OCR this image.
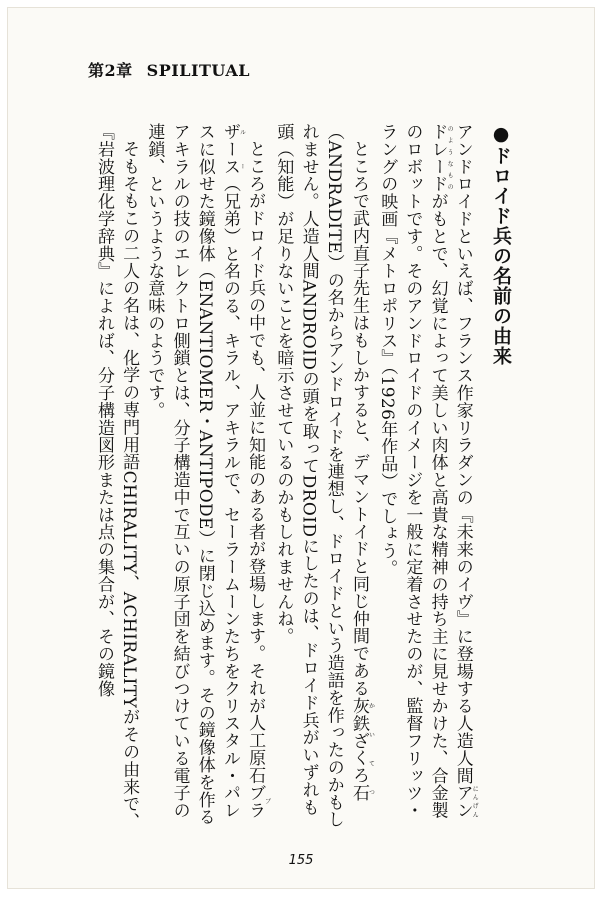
第2章 SPILITUAL
●ドロイド兵の名前の由来

アンドロイドといえば、フランス作家リラダンの『未来のイヴ』に登場する人造人間アンドレードにんげんのようなものがもとで、幻覚によって美しい肉体と高貴な精神の持ち主に見せかけた、合金製のロボットです。そのアンドロイドのイメージを一般に定着させたのが、監督フリッツ・ラングの映画『メトロポリス』（1926年作品）でしょう。

ところで武内直子先生はもしかすると、デマントイドと同じ仲間である灰鉄ざくろ石かいてつ（ANDRADITE）の名からアンドロイドを連想し、ドロイドという造語を作ったのかもしれません。人造人間ANDROIDの頭を取ってDROIDにしたのは、ドロイド兵がいずれも頭（知能）が足りないことを暗示させているのかもしれませんね。

ところがドロイド兵の中でも、人並に知能のある者が登場します。それが人工原石ブラザースブルー（兄弟）と名のる、キラル、アキラルで、セーラームーンたちをクリスタル・パレスに似せた鏡像体（ENANTIOMER・ANTIPODE）に閉じ込めます。その鏡像体を作るアキラルの技のエレクトロ側鎖とは、分子構造中で互いの原子団を結びつけている電子の連鎖、というような意味のようです。

そもそもこの二人の名は、化学の専門用語CHIRALITY、ACHIRALITYがその由来で、『岩波理化学辞典』によれば、分子構造図形または点の集合が、その鏡像

155
